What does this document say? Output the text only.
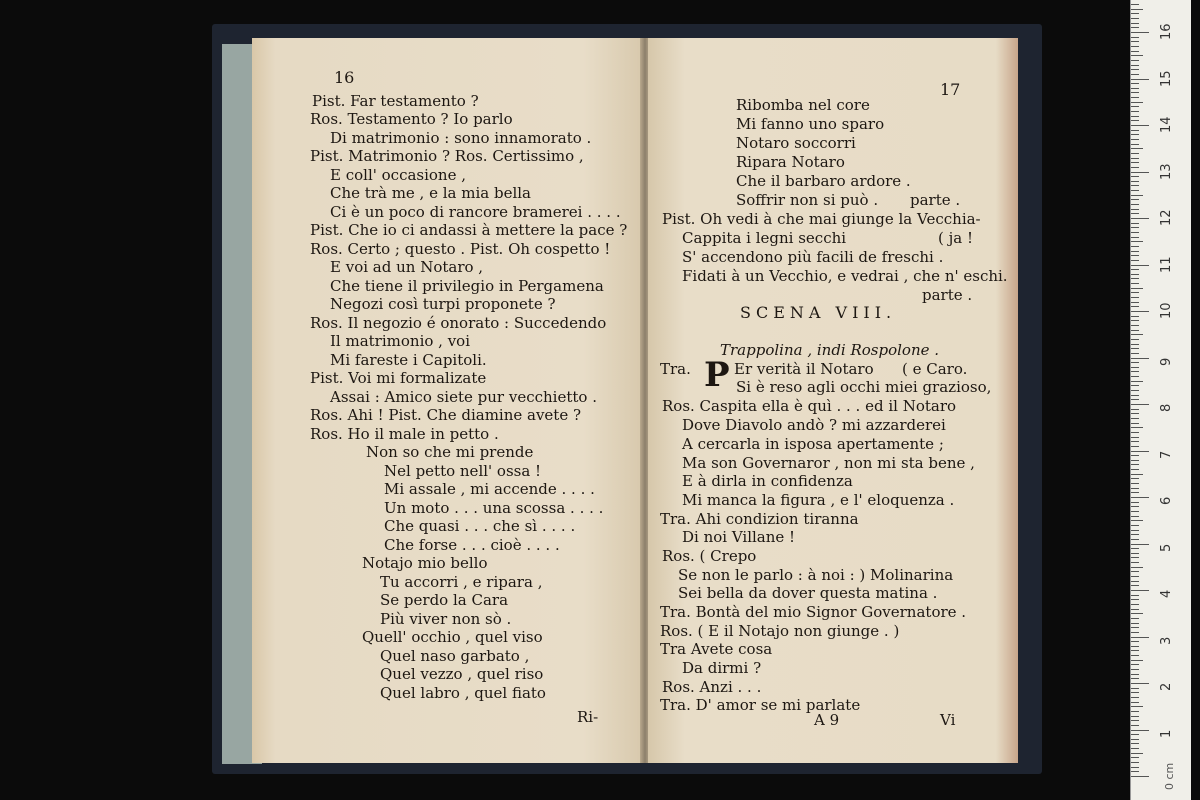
16
Pist. Far testamento ?
Ros. Testamento ? Io parlo
Di matrimonio : sono innamorato .
Pist. Matrimonio ? Ros. Certissimo ,
E coll' occasione ,
Che trà me , e la mia bella
Ci è un poco di rancore bramerei . . . .
Pist. Che io ci andassi à mettere la pace ?
Ros. Certo ; questo . Pist. Oh cospetto !
E voi ad un Notaro ,
Che tiene il privilegio in Pergamena
Negozi così turpi proponete ?
Ros. Il negozio é onorato : Succedendo
Il matrimonio , voi
Mi fareste i Capitoli.
Pist. Voi mi formalizate
Assai : Amico siete pur vecchietto .
Ros. Ahi ! Pist. Che diamine avete ?
Ros. Ho il male in petto .
Non so che mi prende
Nel petto nell' ossa !
Mi assale , mi accende . . . .
Un moto . . . una scossa . . . .
Che quasi . . . che sì . . . .
Che forse . . . cioè . . . .
Notajo mio bello
Tu accorri , e ripara ,
Se perdo la Cara
Più viver non sò .
Quell' occhio , quel viso
Quel naso garbato ,
Quel vezzo , quel riso
Quel labro , quel fiato
Ri-
17
Ribomba nel core
Mi fanno uno sparo
Notaro soccorri
Ripara Notaro
Che il barbaro ardore .
Soffrir non si può . parte .
Pist. Oh vedi à che mai giunge la Vecchia-
Cappita i legni secchi	( ja !
S' accendono più facili de freschi .
Fidati à un Vecchio, e vedrai , che n' eschi.
parte .
SCENA VIII.
Trappolina , indi Rospolone .
P
Tra.	Er verità il Notaro ( e Caro.
Si è reso agli occhi miei grazioso,
Ros. Caspita ella è quì . . . ed il Notaro
Dove Diavolo andò ? mi azzarderei
A cercarla in isposa apertamente ;
Ma son Governaror , non mi sta bene ,
E à dirla in confidenza
Mi manca la figura , e l' eloquenza .
Tra. Ahi condizion tiranna
Di noi Villane !
Ros. ( Crepo
Se non le parlo : à noi : ) Molinarina
Sei bella da dover questa matina .
Tra. Bontà del mio Signor Governatore .
Ros. ( E il Notajo non giunge . )
Tra Avete cosa
Da dirmi ?
Ros. Anzi . . .
Tra. D' amor se mi parlate
A 9	Vi
1
2
3
4
5
6
7
8
9
10
11
12
13
14
15
16
0 cm
